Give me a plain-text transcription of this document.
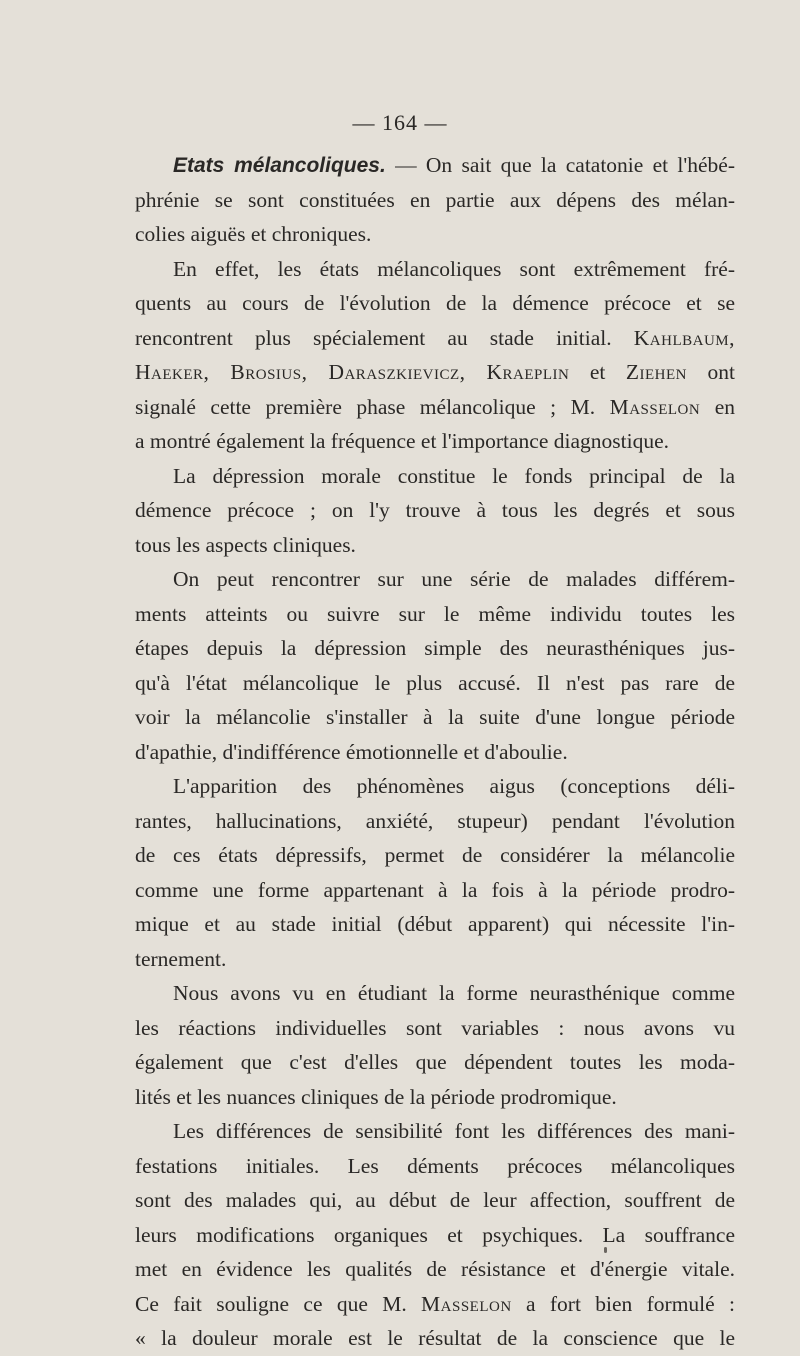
— 164 —
Etats mélancoliques. — On sait que la catatonie et l'hébé-
phrénie se sont constituées en partie aux dépens des mélan-
colies aiguës et chroniques.
En effet, les états mélancoliques sont extrêmement fré-
quents au cours de l'évolution de la démence précoce et se
rencontrent plus spécialement au stade initial. Kahlbaum,
Haeker, Brosius, Daraszkievicz, Kraeplin et Ziehen ont
signalé cette première phase mélancolique ; M. Masselon en
a montré également la fréquence et l'importance diagnostique.
La dépression morale constitue le fonds principal de la
démence précoce ; on l'y trouve à tous les degrés et sous
tous les aspects cliniques.
On peut rencontrer sur une série de malades différem-
ments atteints ou suivre sur le même individu toutes les
étapes depuis la dépression simple des neurasthéniques jus-
qu'à l'état mélancolique le plus accusé. Il n'est pas rare de
voir la mélancolie s'installer à la suite d'une longue période
d'apathie, d'indifférence émotionnelle et d'aboulie.
L'apparition des phénomènes aigus (conceptions déli-
rantes, hallucinations, anxiété, stupeur) pendant l'évolution
de ces états dépressifs, permet de considérer la mélancolie
comme une forme appartenant à la fois à la période prodro-
mique et au stade initial (début apparent) qui nécessite l'in-
ternement.
Nous avons vu en étudiant la forme neurasthénique comme
les réactions individuelles sont variables : nous avons vu
également que c'est d'elles que dépendent toutes les moda-
lités et les nuances cliniques de la période prodromique.
Les différences de sensibilité font les différences des mani-
festations initiales. Les déments précoces mélancoliques
sont des malades qui, au début de leur affection, souffrent de
leurs modifications organiques et psychiques. La souffrance
met en évidence les qualités de résistance et d'énergie vitale.
Ce fait souligne ce que M. Masselon a fort bien formulé :
« la douleur morale est le résultat de la conscience que le
